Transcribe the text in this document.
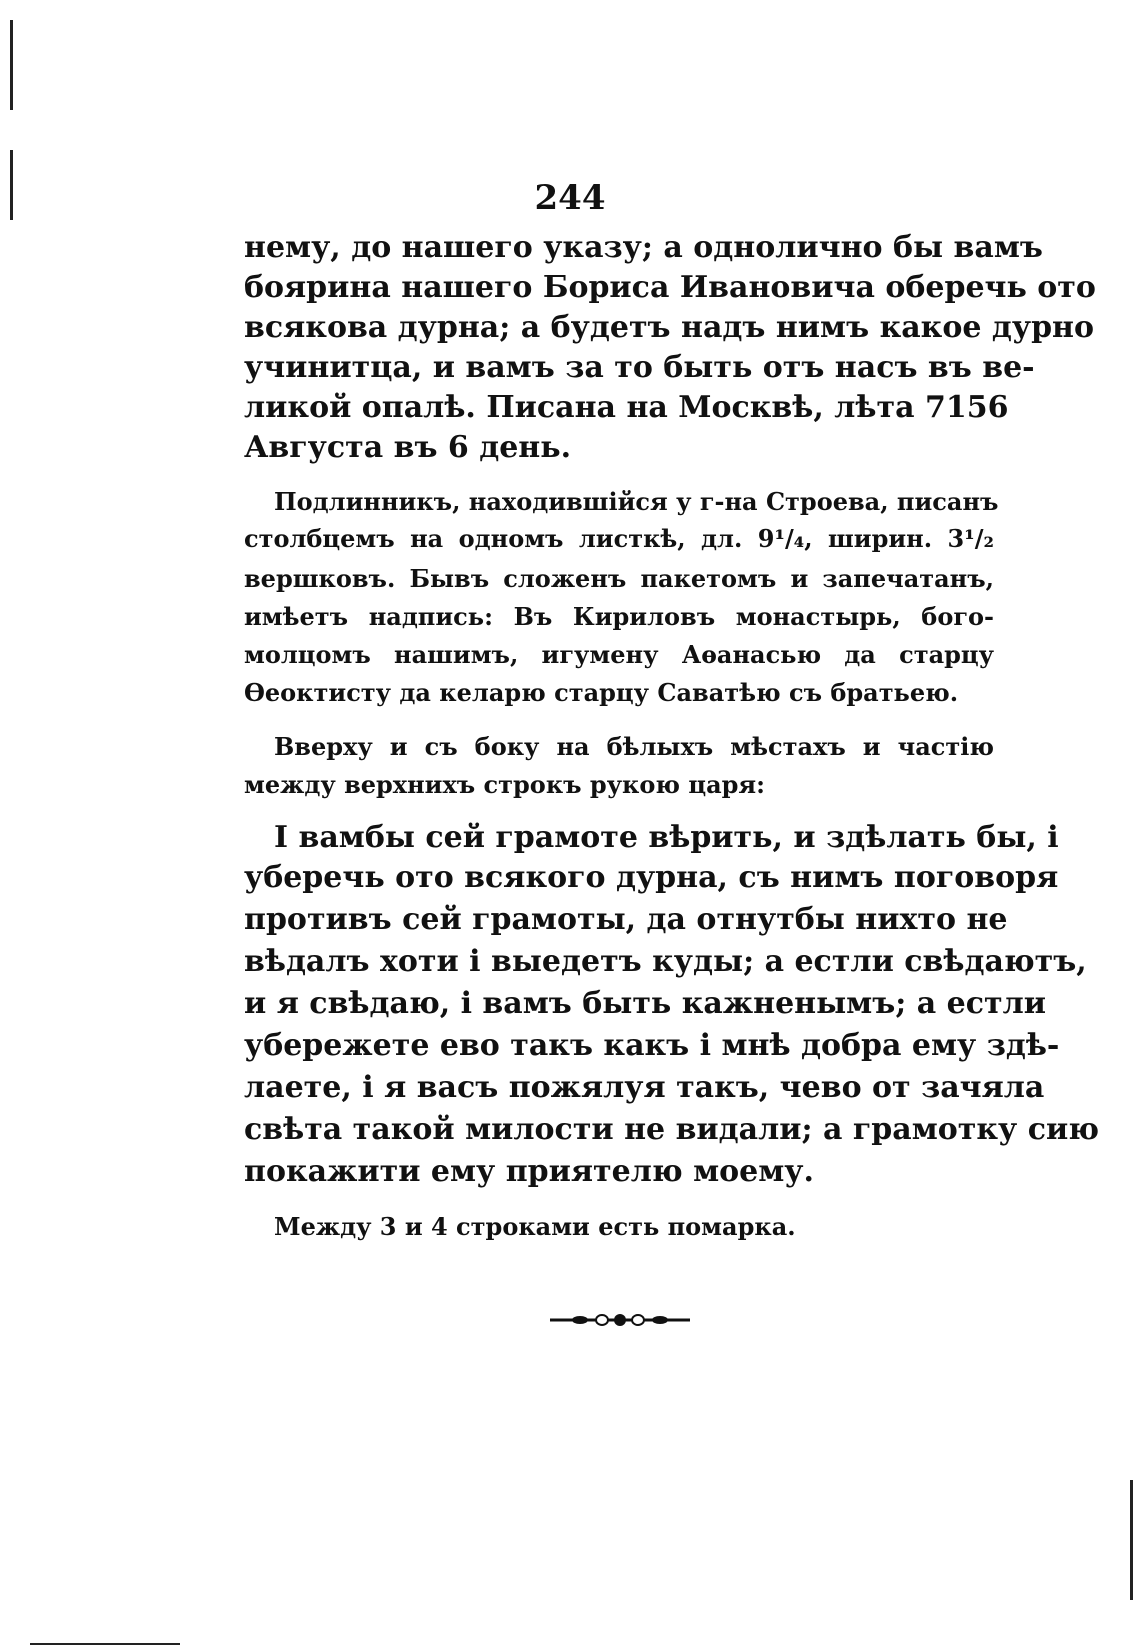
244
нему, до нашего указу; а однолично бы вамъ
боярина нашего Бориса Ивановича оберечь ото
всякова дурна; а будетъ надъ нимъ какое дурно
учинитца, и вамъ за то быть отъ насъ въ ве-
ликой опалѣ. Писана на Москвѣ, лѣта 7156
Августа въ 6 день.
Подлинникъ, находившійся у г-на Строева, писанъ
столбцемъ на одномъ листкѣ, дл. 9¹/₄, ширин. 3¹/₂
вершковъ. Бывъ сложенъ пакетомъ и запечатанъ,
имѣетъ надпись: Въ Кириловъ монастырь, бого-
молцомъ нашимъ, игумену Аѳанасью да старцу
Ѳеоктисту да келарю старцу Саватѣю съ братьею.
Вверху и съ боку на бѣлыхъ мѣстахъ и частію
между верхнихъ строкъ рукою царя:
І вамбы сей грамоте вѣрить, и здѣлать бы, і
уберечь ото всякого дурна, съ нимъ поговоря
противъ сей грамоты, да отнутбы нихто не
вѣдалъ хоти і выедетъ куды; а естли свѣдаютъ,
и я свѣдаю, і вамъ быть кажненымъ; а естли
убережете ево такъ какъ і мнѣ добра ему здѣ-
лаете, і я васъ пожялуя такъ, чево от зачяла
свѣта такой милости не видали; а грамотку сию
покажити ему приятелю моему.
Между 3 и 4 строками есть помарка.
